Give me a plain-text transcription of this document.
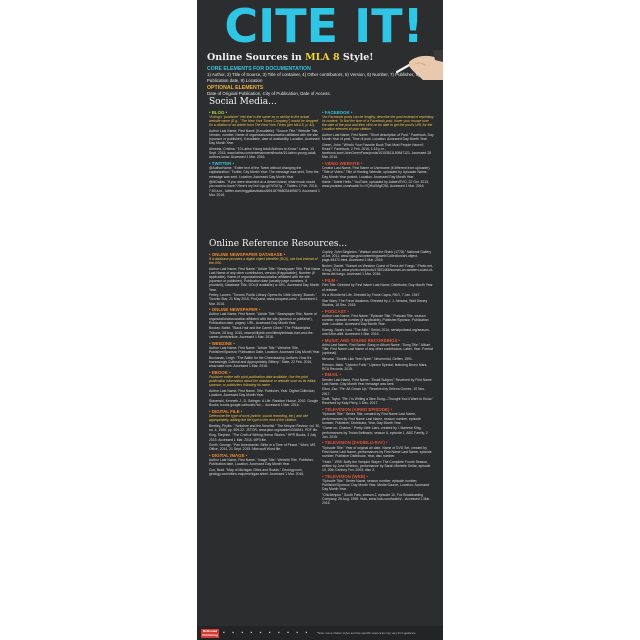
CITE IT!
Online Sources in MLA 8 Style!
CORE ELEMENTS FOR DOCUMENTATION
1) Author, 2) Title of Source, 3) Title of container, 4) Other contributors, 5) Version, 6) Number, 7) Publisher, 8) Publication date, 9) Location
OPTIONAL ELEMENTS
Date of Original Publication, City of Publication, Date of Access.
Social Media...
• BLOG •

*A blog's "publisher" info that is the same as or similar to the actual website name (E.g., "The New York Times Company") would be dropped for a citation of an article from The New York Times (per MLA 8, p. 42).

Author Last Name, First Name (if available). "Source Title." Website Title, Version, number, Name of organization/association affiliated with the site (sponsor or publisher), if available, date of availability. Location. Accessed Day Month Year.

Almeida, Cristina. "10 Latino Young Adult Authors to Know." Latina, 10 Sept. 2015, www.latina.com/entertainment/books/10-latino-young-adult-authors-know. Accessed 1 Mar. 2016.

• TWITTER •

@AuthorName. "Entire text of the Tweet without changing the capitalization." Twitter, City Month Year. The message was sent, Time the message was sent. Location. Accessed Day Month Year.

@MGallas. "If you were stranded on a desert island, what music would you want to have? Here's my list! t.go.gl/?i/OA?g..." Twitter, 1 Feb. 2016, 7:50 a.m., twitter.com/mggallas/status/694187968034469673. Accessed 1 Mar. 2016.

• FACEBOOK •

*As Facebook posts can be lengthy, describe the post instead of reprinting its content. To find the time of a Facebook post, hover your mouse over the date of the post and then click on its date to get the post's URL for the Location element of your citation.

Author Last Name, First Name. "Short description of Post." Facebook, Day Month Year of post, Time of post. Location. Accessed Day Month Year.

Green, John. "What's Your Favorite Book That Most People Haven't Read?" Facebook, 2 Feb. 2016, 1:15 p.m., facebook.com/JohnGreenFans/posts/10153811160847121. Accessed 28 Mar. 2016.

• VIDEO WEBSITE •

Creator Last Name, First Name or Username (if different from uploader). "Title of Video." Title of Hosting Website, uploaded by Uploader Name, Day Month Year posted, Location. Accessed Day Month Year.

Adele. "Adele Hello." YouTube, uploaded by AdeleVEVO, 22 Oct. 2015, www.youtube.com/watch?v=YQHsXMglC9A. Accessed 1 Mar. 2016.

Online Reference Resources...
• ONLINE NEWSPAPER DATABASE •

If a database provides a digital object identifier (DOI), use that instead of the URL.

Author Last Name, First Name. "Article Title." Newspaper Title, First Name Last Name of any other contributors, version (if applicable), Number (if applicable), Name of organization/association affiliated with the site (sponsor or publisher), Publication date (usually page numbers, if provided), Database Title, DOI (if available) or URL. Accessed Day Month Year.

Petley, Lauren. "Toronto Public Library Opens Its 'Little Library' Branch." Toronto Star, 21 May 2015, ProQuest, www.proquest.com/... Accessed 1 Mar. 2016.

• ONLINE NEWSPAPER •

Author Last Name, First Name. "Article Title." Newspaper Title, Name of organization/association affiliated with the site (sponsor or publisher), Publication date, pages). URL. Accessed Day Month Year.

Booker, Bobbi. "Black Hair and the Career Climb." The Philadelphia Tribune, 28 Aug. 2015, www.phillytrib.com/lifestyle/black-hair-and-the-career-climb/article. Accessed 1 Mar. 2016.

• WEBZINE •

Author Last Name, First Name. "Article Title." Webzine Title, Publisher/Sponsor, Publication Date, Location. Accessed Day Month Year.

Buchanan, Leigh. "The Battle for the Cheerleading Uniform: How It's Increasingly Cultural and Appropriately Glittery." Slate, 22 Feb. 2016, www.slate.com. Accessed 1 Mar. 2016.

• EBOOK •

Publisher online with print publication data available. Use the print publication information about the database or website such as its editor, sponsor, or publishers following its name.

Author Last Name, First Name. Title. Publisher, Year. Digital Collection, Location. Accessed Day Month Year.

Stavenski, Kenneth J., D. Salinger. A Life. Random House, 2010. Google Books, books.google.ca/books?id=... Accessed 1 Mar. 2016.

• DIGITAL FILE •

Determine the type of work (article, sound recording, etc.) and cite appropriately, adding the file type to the end of the citation.

Bentley, Phyllis. "Yorkshire and the Novelist." The Kenyon Review, vol. 30, no. 4, 1968, pp. 509-22. JSTOR, www.jstor.org/stable/4334841. PDF file.

King, Stephen. "The Craft of Writing Horror Stories." HPR Books, 3 July 2015. Accessed 1 Mar. 2016. MP3 file.

Smith, George. "Pan Americanist: Strife in a Time of Peace." Word, MS Office, 2014, 21 Sept. 2015. Microsoft Word file.

• DIGITAL IMAGE •

Author Last Name, First Name. "Image Title." Website Title, Publisher, Publication date, Location. Accessed Day Month Year.

Cox, Brad. "Map of Michigan Cities and Roads." Geology.com, geology.com/cities-map/michigan.shtml. Accessed 1 Mar. 2016.

Copley, John Singleton. "Watson and the Shark (1778)." National Gallery of Art, 2011, www.nga.gov/content/ngaweb/Collection/art-object-page.46471.html. Accessed 1 Mar. 2016.

Bruhni, Daniel. "Sunset on Western Coast of Tierra del Fuego." Photo.net, 4 Aug. 2014, www.photo.net/photo/17801465/sunset-on-western-coast-of-tierra-del-fuego. Accessed 1 Mar. 2016.

• FILM •

Film Title. Directed by First Name Last Name, Distributor, Day Month Year of release.

It's a Wonderful Life. Directed by Frank Capra, RKO, 7 Jan. 1947.

Star Wars: The Force Awakens. Directed by J. J. Abrams, Walt Disney Studios, 18 Dec. 2015.

• PODCAST •

Author Last Name, First Name. "Episode Title." Podcast Title, season number, episode number (if applicable), Publisher/Sponsor, Publication date, Location. Accessed Day Month Year.

Koenig, Sarah, host. "The Alibi." Serial, 2014, serialpodcast.org/season-one/1/the-alibi. Accessed 1 Mar. 2016.

• MUSIC AND SOUND RECORDINGS •

Artist Last Name, First Name. Song or Album Name. "Song Title." Album Title, First Name Last Name of any other contributors, Label, Year. Format (optional).

Nirvana. "Smells Like Teen Spirit." Nevermind, Geffen, 1991.

Ronson, Mark. "Uptown Funk." Uptown Special, featuring Bruno Mars, RCA Records, 2015.

• EMAIL •

Sender Last Name, First Name. "Email Subject." Received by First Name Last Name, Day Month Year message was sent.

Elton, Zac. "Re: All Grown Up." Received by Selena Gomez, 10 Nov. 2017.

Swift, Taylor. "Re: I'm Writing a New Song—Thought You'd Want to Know." Received by Katy Perry, 1 Dec. 2017.

• TELEVISION (AIRED EPISODE) •

"Episode Title." Series Title, created by First Name Last Name, performances by First Name Last Name, season number, episode number, Publisher, Distributor, Year, Day Month Year.

"Game on, Charles." Pretty Little Liars, created by I. Marlene King, performances by Troian Bellisario, season 6, episode 1, ABC Family, 2 Jun. 2015.

• TELEVISION (DVD/BLU-RAY) •

"Episode Title." Year of original air date. Name of DVD Set, created by First Name Last Name, performances by First Name Last Name, episode number, Publisher Distributor, Year, disc number.

"Hush." 1999. Buffy the Vampire Slayer: The Complete Fourth Season, written by Joss Whedon, performance by Sarah Michelle Gellar, episode 10, 20th Century Fox, 2003, disc 3.

• TELEVISION (WEB) •

"Episode Title." Series Name, season number, episode number, Publisher/Sponsor, Day Month Year. Media Source, Location. Accessed Day Month Year.

"Chickenpox." South Park, season 2, episode 10, Fox Broadcasting Company, 26 Aug. 1998. Hulu, www.hulu.com/watch/... Accessed 1 Mar. 2016.

McDonald Publishing ▪ ▪ ▪ ▪ ▪ ▪ ▪ ▪ ▪ ▪ *Note: some citation styles and site-specific references may vary from guidance.
